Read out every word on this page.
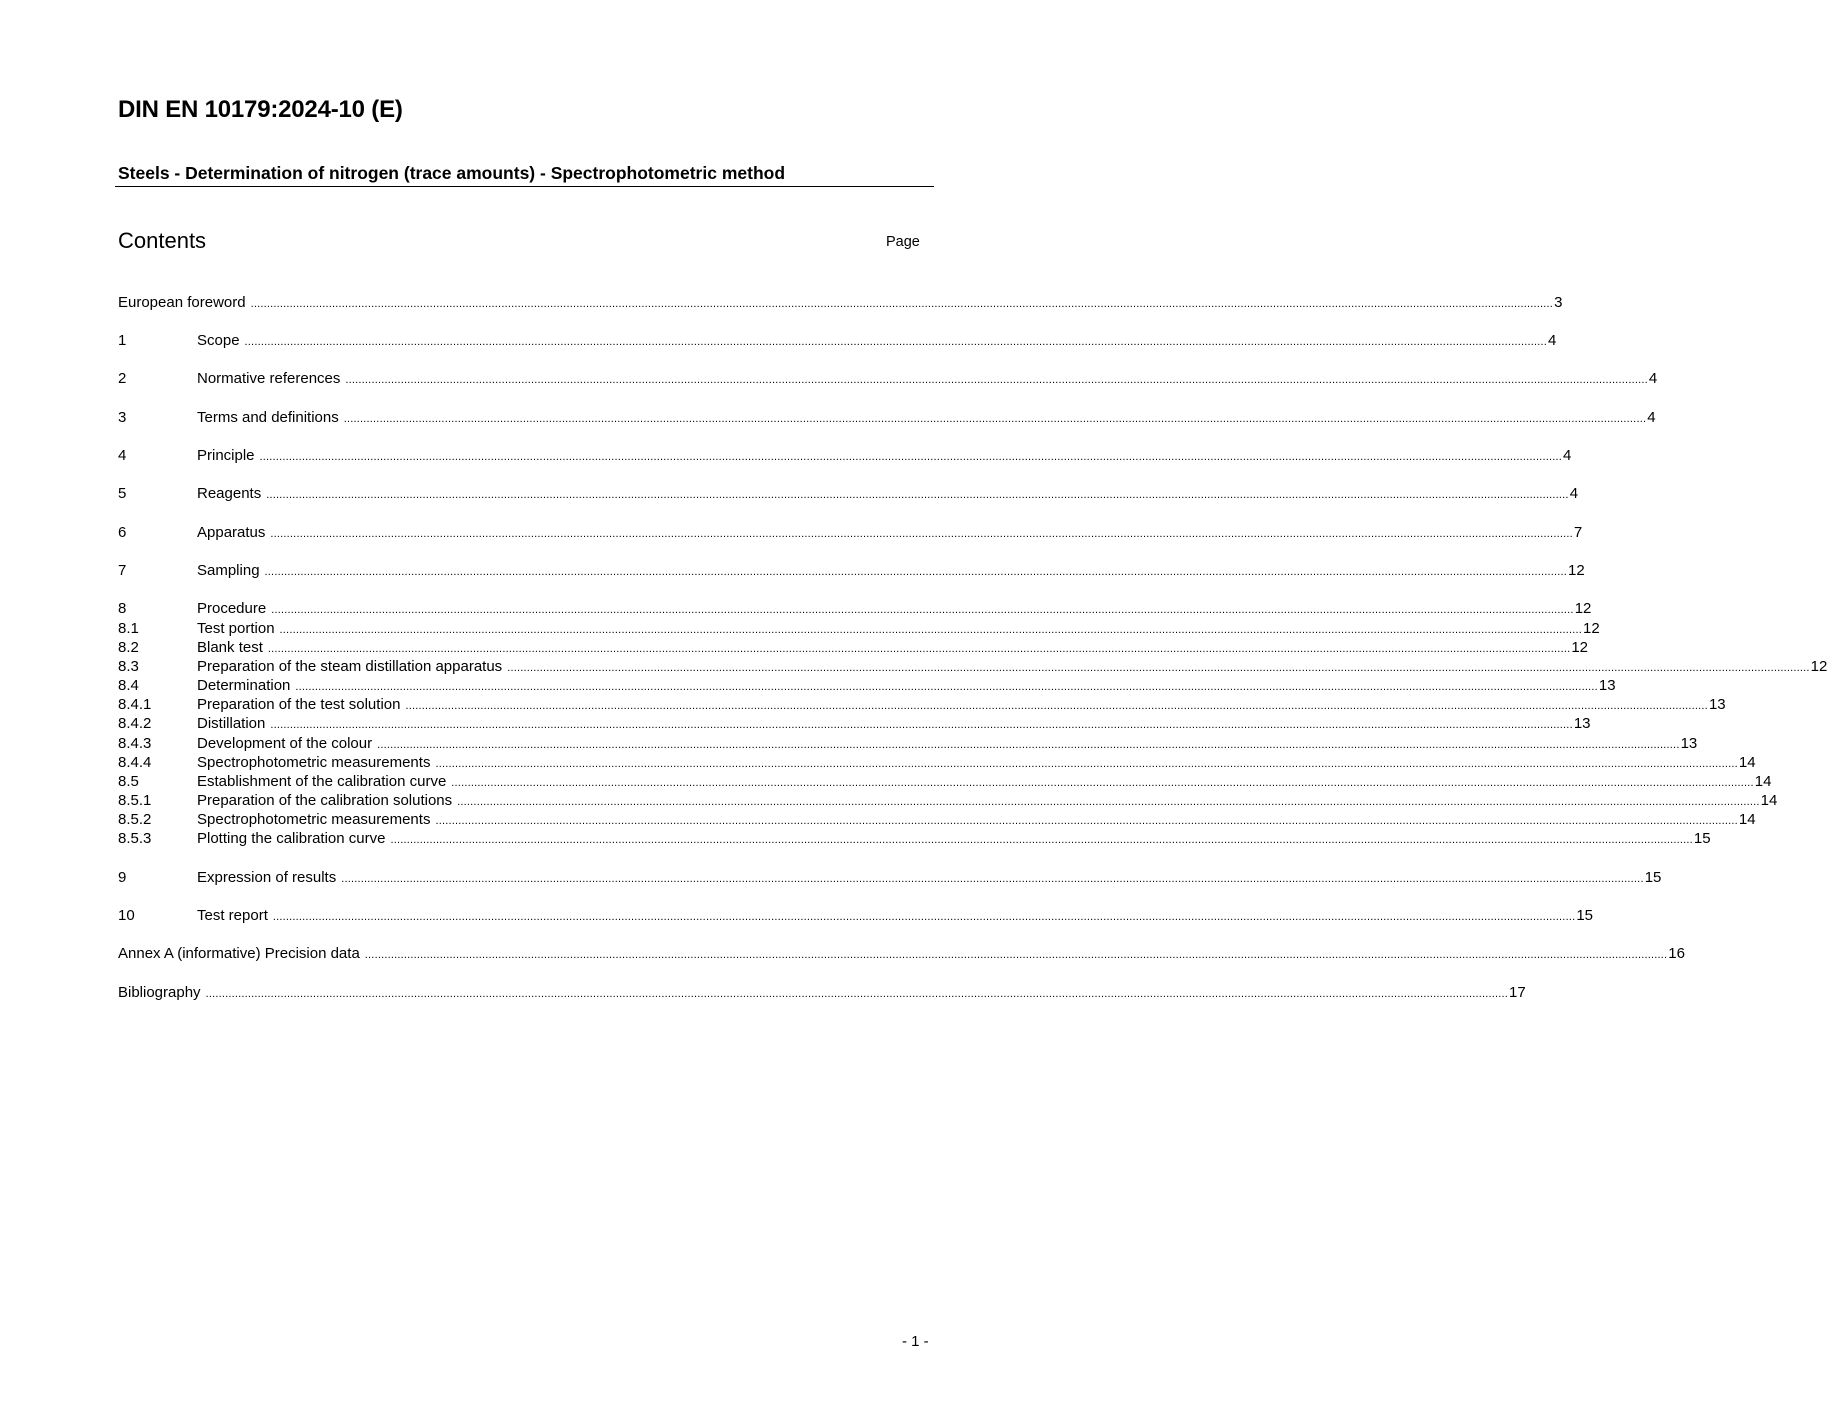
DIN EN 10179:2024-10 (E)
Steels - Determination of nitrogen (trace amounts) - Spectrophotometric method
Contents	Page
European foreword ................................................................................................................................................................................................................................................................................................................................................................................................................ 3
1	Scope ................................................................................................................................................................................................................................................................................................................................................................................................................ 4
2	Normative references ................................................................................................................................................................................................................................................................................................................................................................................................................ 4
3	Terms and definitions ................................................................................................................................................................................................................................................................................................................................................................................................................ 4
4	Principle ................................................................................................................................................................................................................................................................................................................................................................................................................ 4
5	Reagents ................................................................................................................................................................................................................................................................................................................................................................................................................ 4
6	Apparatus ................................................................................................................................................................................................................................................................................................................................................................................................................ 7
7	Sampling ................................................................................................................................................................................................................................................................................................................................................................................................................ 12
8	Procedure ................................................................................................................................................................................................................................................................................................................................................................................................................ 12
8.1	Test portion ................................................................................................................................................................................................................................................................................................................................................................................................................ 12
8.2	Blank test ................................................................................................................................................................................................................................................................................................................................................................................................................ 12
8.3	Preparation of the steam distillation apparatus ................................................................................................................................................................................................................................................................................................................................................................................................................ 12
8.4	Determination ................................................................................................................................................................................................................................................................................................................................................................................................................ 13
8.4.1	Preparation of the test solution ................................................................................................................................................................................................................................................................................................................................................................................................................ 13
8.4.2	Distillation ................................................................................................................................................................................................................................................................................................................................................................................................................ 13
8.4.3	Development of the colour ................................................................................................................................................................................................................................................................................................................................................................................................................ 13
8.4.4	Spectrophotometric measurements ................................................................................................................................................................................................................................................................................................................................................................................................................ 14
8.5	Establishment of the calibration curve ................................................................................................................................................................................................................................................................................................................................................................................................................ 14
8.5.1	Preparation of the calibration solutions ................................................................................................................................................................................................................................................................................................................................................................................................................ 14
8.5.2	Spectrophotometric measurements ................................................................................................................................................................................................................................................................................................................................................................................................................ 14
8.5.3	Plotting the calibration curve ................................................................................................................................................................................................................................................................................................................................................................................................................ 15
9	Expression of results ................................................................................................................................................................................................................................................................................................................................................................................................................ 15
10	Test report ................................................................................................................................................................................................................................................................................................................................................................................................................ 15
Annex A (informative) Precision data ................................................................................................................................................................................................................................................................................................................................................................................................................ 16
Bibliography ................................................................................................................................................................................................................................................................................................................................................................................................................ 17
- 1 -
